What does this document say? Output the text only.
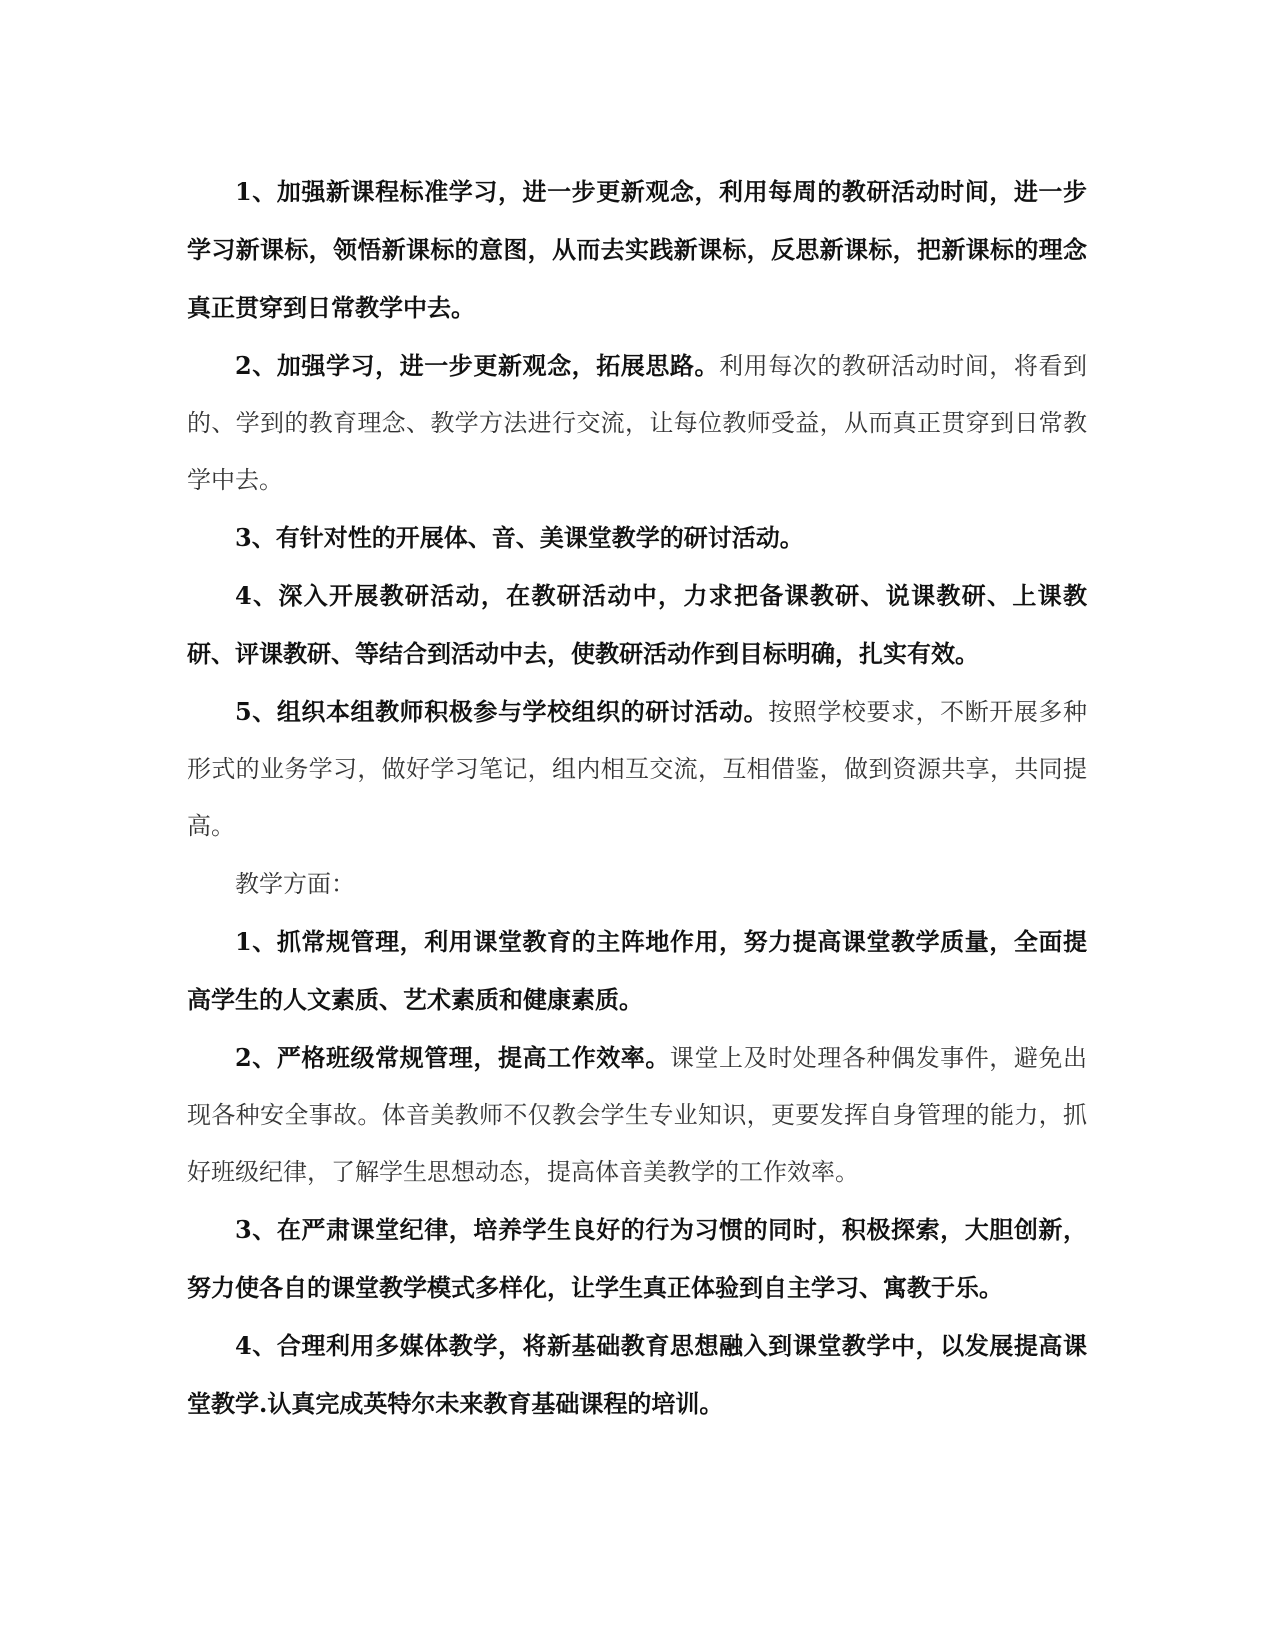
1、加强新课程标准学习，进一步更新观念，利用每周的教研活动时间，进一步学习新课标，领悟新课标的意图，从而去实践新课标，反思新课标，把新课标的理念真正贯穿到日常教学中去。

2、加强学习，进一步更新观念，拓展思路。利用每次的教研活动时间，将看到的、学到的教育理念、教学方法进行交流，让每位教师受益，从而真正贯穿到日常教学中去。

3、有针对性的开展体、音、美课堂教学的研讨活动。

4、深入开展教研活动，在教研活动中，力求把备课教研、说课教研、上课教研、评课教研、等结合到活动中去，使教研活动作到目标明确，扎实有效。

5、组织本组教师积极参与学校组织的研讨活动。按照学校要求，不断开展多种形式的业务学习，做好学习笔记，组内相互交流，互相借鉴，做到资源共享，共同提高。

教学方面：

1、抓常规管理，利用课堂教育的主阵地作用，努力提高课堂教学质量，全面提高学生的人文素质、艺术素质和健康素质。

2、严格班级常规管理，提高工作效率。课堂上及时处理各种偶发事件，避免出现各种安全事故。体音美教师不仅教会学生专业知识，更要发挥自身管理的能力，抓好班级纪律，了解学生思想动态，提高体音美教学的工作效率。

3、在严肃课堂纪律，培养学生良好的行为习惯的同时，积极探索，大胆创新，努力使各自的课堂教学模式多样化，让学生真正体验到自主学习、寓教于乐。

4、合理利用多媒体教学，将新基础教育思想融入到课堂教学中，以发展提高课堂教学.认真完成英特尔未来教育基础课程的培训。
